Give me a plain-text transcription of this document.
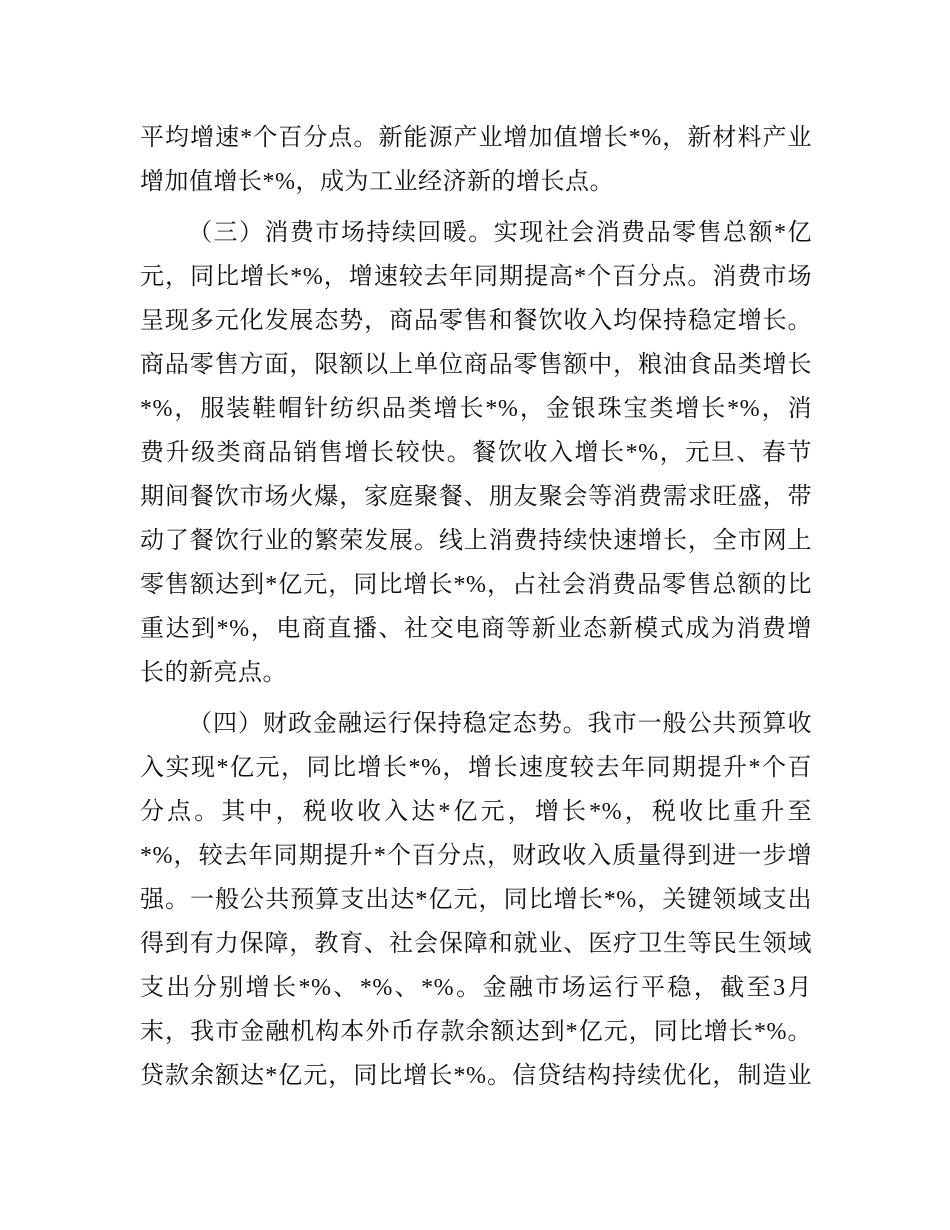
平均增速*个百分点。新能源产业增加值增长*%，新材料产业
增加值增长*%，成为工业经济新的增长点。
（三）消费市场持续回暖。实现社会消费品零售总额*亿
元，同比增长*%，增速较去年同期提高*个百分点。消费市场
呈现多元化发展态势，商品零售和餐饮收入均保持稳定增长。
商品零售方面，限额以上单位商品零售额中，粮油食品类增长
*%，服装鞋帽针纺织品类增长*%，金银珠宝类增长*%，消
费升级类商品销售增长较快。餐饮收入增长*%，元旦、春节
期间餐饮市场火爆，家庭聚餐、朋友聚会等消费需求旺盛，带
动了餐饮行业的繁荣发展。线上消费持续快速增长，全市网上
零售额达到*亿元，同比增长*%，占社会消费品零售总额的比
重达到*%，电商直播、社交电商等新业态新模式成为消费增
长的新亮点。
（四）财政金融运行保持稳定态势。我市一般公共预算收
入实现*亿元，同比增长*%，增长速度较去年同期提升*个百
分点。其中，税收收入达*亿元，增长*%，税收比重升至
*%，较去年同期提升*个百分点，财政收入质量得到进一步增
强。一般公共预算支出达*亿元，同比增长*%，关键领域支出
得到有力保障，教育、社会保障和就业、医疗卫生等民生领域
支出分别增长*%、*%、*%。金融市场运行平稳，截至3月
末，我市金融机构本外币存款余额达到*亿元，同比增长*%。
贷款余额达*亿元，同比增长*%。信贷结构持续优化，制造业
